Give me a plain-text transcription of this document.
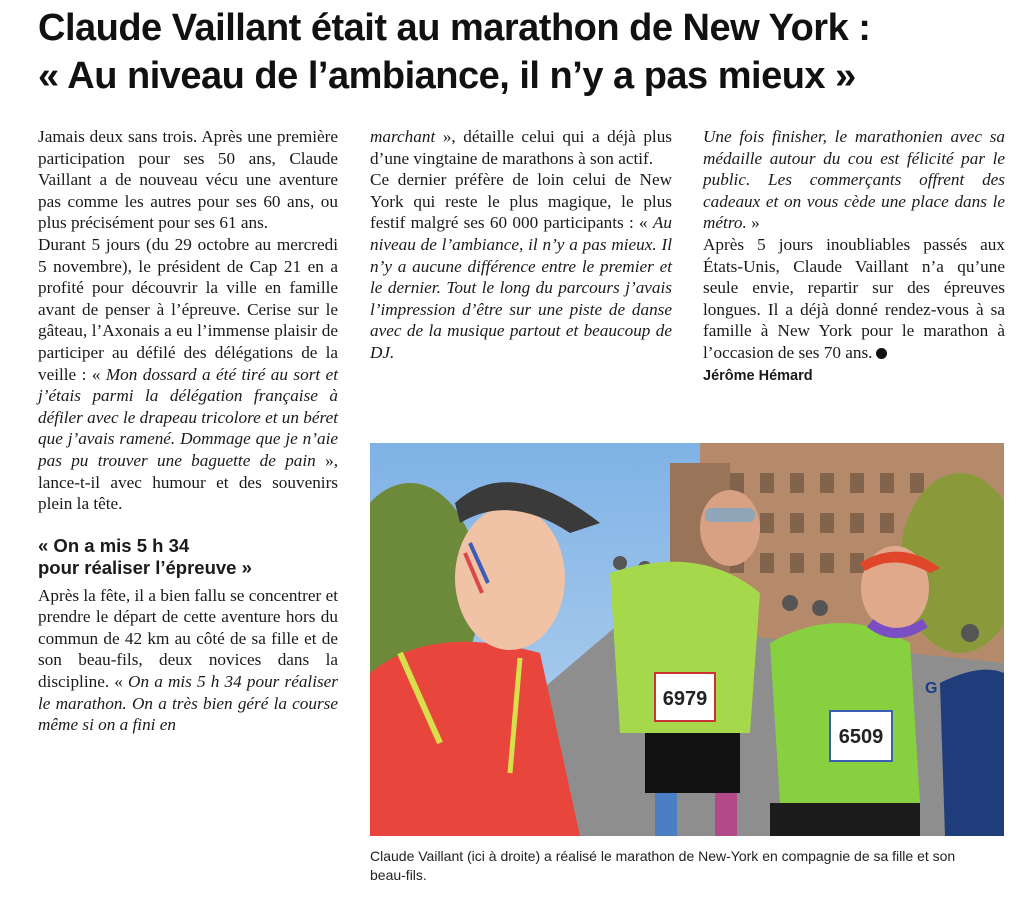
Claude Vaillant était au marathon de New York :
« Au niveau de l’ambiance, il n’y a pas mieux »

Jamais deux sans trois. Après une première participation pour ses 50 ans, Claude Vaillant a de nouveau vécu une aventure pas comme les autres pour ses 60 ans, ou plus précisément pour ses 61 ans.

Durant 5 jours (du 29 octobre au mercredi 5 novembre), le président de Cap 21 en a profité pour découvrir la ville en famille avant de penser à l’épreuve. Cerise sur le gâteau, l’Axonais a eu l’immense plaisir de participer au défilé des délégations de la veille : « Mon dossard a été tiré au sort et j’étais parmi la délégation française à défiler avec le drapeau tricolore et un béret que j’avais ramené. Dommage que je n’aie pas pu trouver une baguette de pain », lance-t-il avec humour et des souvenirs plein la tête.

« On a mis 5 h 34
pour réaliser l’épreuve »

Après la fête, il a bien fallu se concentrer et prendre le départ de cette aventure hors du commun de 42 km au côté de sa fille et de son beau-fils, deux novices dans la discipline. « On a mis 5 h 34 pour réaliser le marathon. On a très bien géré la course même si on a fini en

marchant », détaille celui qui a déjà plus d’une vingtaine de marathons à son actif.

Ce dernier préfère de loin celui de New York qui reste le plus magique, le plus festif malgré ses 60 000 participants : « Au niveau de l’ambiance, il n’y a pas mieux. Il n’y a aucune différence entre le premier et le dernier. Tout le long du parcours j’avais l’impression d’être sur une piste de danse avec de la musique partout et beaucoup de DJ.

Une fois finisher, le marathonien avec sa médaille autour du cou est félicité par le public. Les commerçants offrent des cadeaux et on vous cède une place dans le métro. »

Après 5 jours inoubliables passés aux États-Unis, Claude Vaillant n’a qu’une seule envie, repartir sur des épreuves longues. Il a déjà donné rendez-vous à sa famille à New York pour le marathon à l’occasion de ses 70 ans.

Jérôme Hémard
6979
6509
G
Claude Vaillant (ici à droite) a réalisé le marathon de New-York en compagnie de sa fille et son beau-fils.
